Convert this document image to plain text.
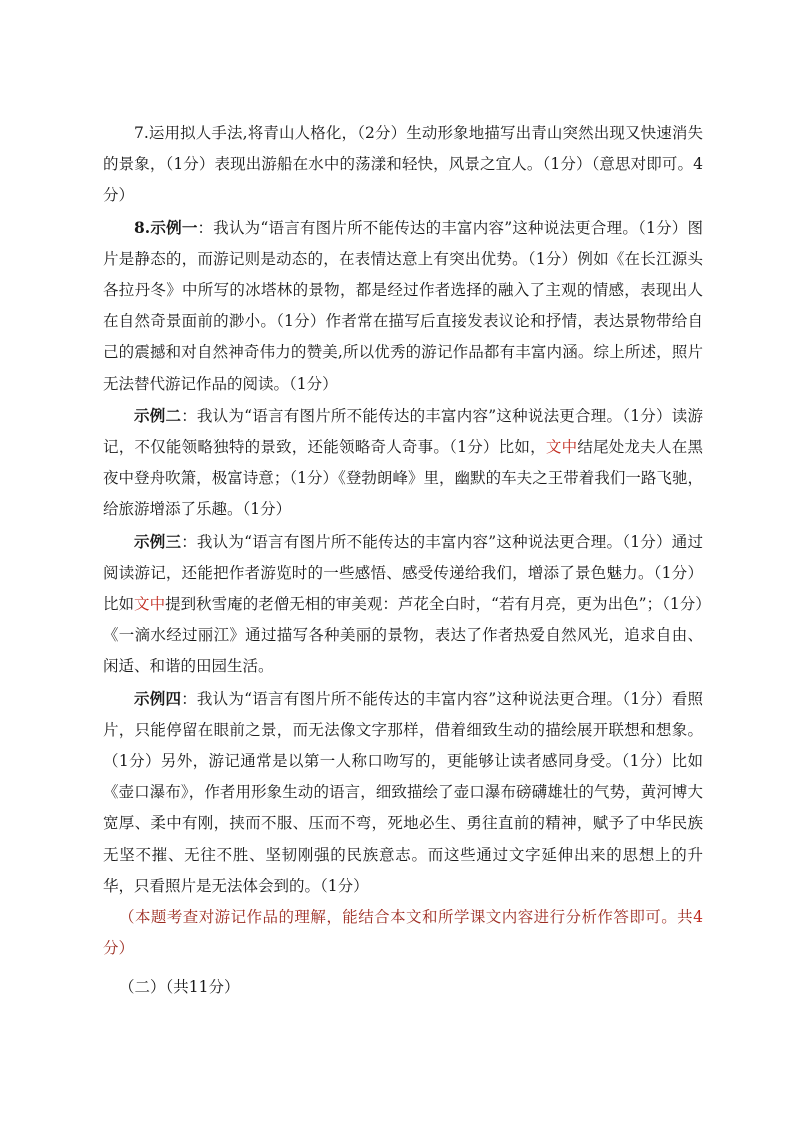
7.运用拟人手法,将青山人格化，（2分）生动形象地描写出青山突然出现又快速消失的景象，（1分）表现出游船在水中的荡漾和轻快，风景之宜人。（1分）（意思对即可。4分）

8.示例一：我认为“语言有图片所不能传达的丰富内容”这种说法更合理。（1分）图片是静态的，而游记则是动态的，在表情达意上有突出优势。（1分）例如《在长江源头各拉丹冬》中所写的冰塔林的景物，都是经过作者选择的融入了主观的情感，表现出人在自然奇景面前的渺小。（1分）作者常在描写后直接发表议论和抒情，表达景物带给自己的震撼和对自然神奇伟力的赞美,所以优秀的游记作品都有丰富内涵。综上所述，照片无法替代游记作品的阅读。（1分）

示例二：我认为“语言有图片所不能传达的丰富内容”这种说法更合理。（1分）读游记，不仅能领略独特的景致，还能领略奇人奇事。（1分）比如，文中结尾处龙夫人在黑夜中登舟吹箫，极富诗意；（1分）《登勃朗峰》里，幽默的车夫之王带着我们一路飞驰，给旅游增添了乐趣。（1分）

示例三：我认为“语言有图片所不能传达的丰富内容”这种说法更合理。（1分）通过阅读游记，还能把作者游览时的一些感悟、感受传递给我们，增添了景色魅力。（1分）比如文中提到秋雪庵的老僧无相的审美观：芦花全白时，“若有月亮，更为出色”；（1分）《一滴水经过丽江》通过描写各种美丽的景物，表达了作者热爱自然风光，追求自由、闲适、和谐的田园生活。

示例四：我认为“语言有图片所不能传达的丰富内容”这种说法更合理。（1分）看照片，只能停留在眼前之景，而无法像文字那样，借着细致生动的描绘展开联想和想象。（1分）另外，游记通常是以第一人称口吻写的，更能够让读者感同身受。（1分）比如《壶口瀑布》，作者用形象生动的语言，细致描绘了壶口瀑布磅礴雄壮的气势，黄河博大宽厚、柔中有刚，挟而不服、压而不弯，死地必生、勇往直前的精神，赋予了中华民族无坚不摧、无往不胜、坚韧刚强的民族意志。而这些通过文字延伸出来的思想上的升华，只看照片是无法体会到的。（1分）

（本题考查对游记作品的理解，能结合本文和所学课文内容进行分析作答即可。共4分）

（二）（共11分）
